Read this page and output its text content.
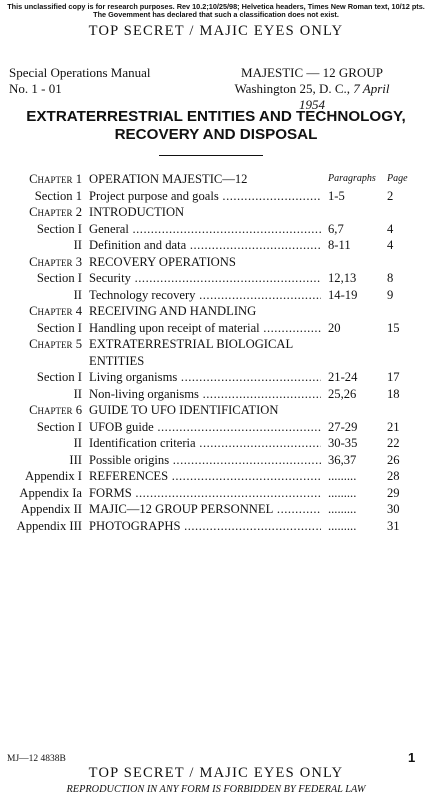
This unclassified copy is for research purposes. Rev 10.2;10/25/98; Helvetica headers, Times New Roman text, 10/12 pts.
The Govemment has declared that such a classification does not exist.
TOP SECRET / MAJIC EYES ONLY
Special Operations Manual
No. 1 - 01
MAJESTIC — 12 GROUP
Washington 25, D. C., 7 April 1954
EXTRATERRESTRIAL ENTITIES AND TECHNOLOGY,
RECOVERY AND DISPOSAL
Chapter 1 OPERATION MAJESTIC—12	Paragraphs Page
Section 1 Project purpose and goals .....	1-5	2
Chapter 2 INTRODUCTION
Section I General .....	6,7	4
II Definition and data .....	8-11	4
Chapter 3 RECOVERY OPERATIONS
Section I Security .....	12,13 8
II Technology recovery .....	14-19 9
Chapter 4 RECEIVING AND HANDLING
Section I Handling upon receipt of material .....	20	15
Chapter 5 EXTRATERRESTRIAL BIOLOGICAL
ENTITIES
Section I Living organisms .....	21-24 17
II Non-living organisms .....	25,26 18
Chapter 6 GUIDE TO UFO IDENTIFICATION
Section I UFOB guide .....	27-29 21
II Identification criteria .....	30-35 22
III Possible origins .....	36,37 26
Appendix I REFERENCES .....	......... 28
Appendix Ia FORMS .....	......... 29
Appendix II MAJIC—12 GROUP PERSONNEL .....	......... 30
Appendix III PHOTOGRAPHS .....	......... 31
MJ—12 4838B	1
TOP SECRET / MAJIC EYES ONLY
REPRODUCTION IN ANY FORM IS FORBIDDEN BY FEDERAL LAW
